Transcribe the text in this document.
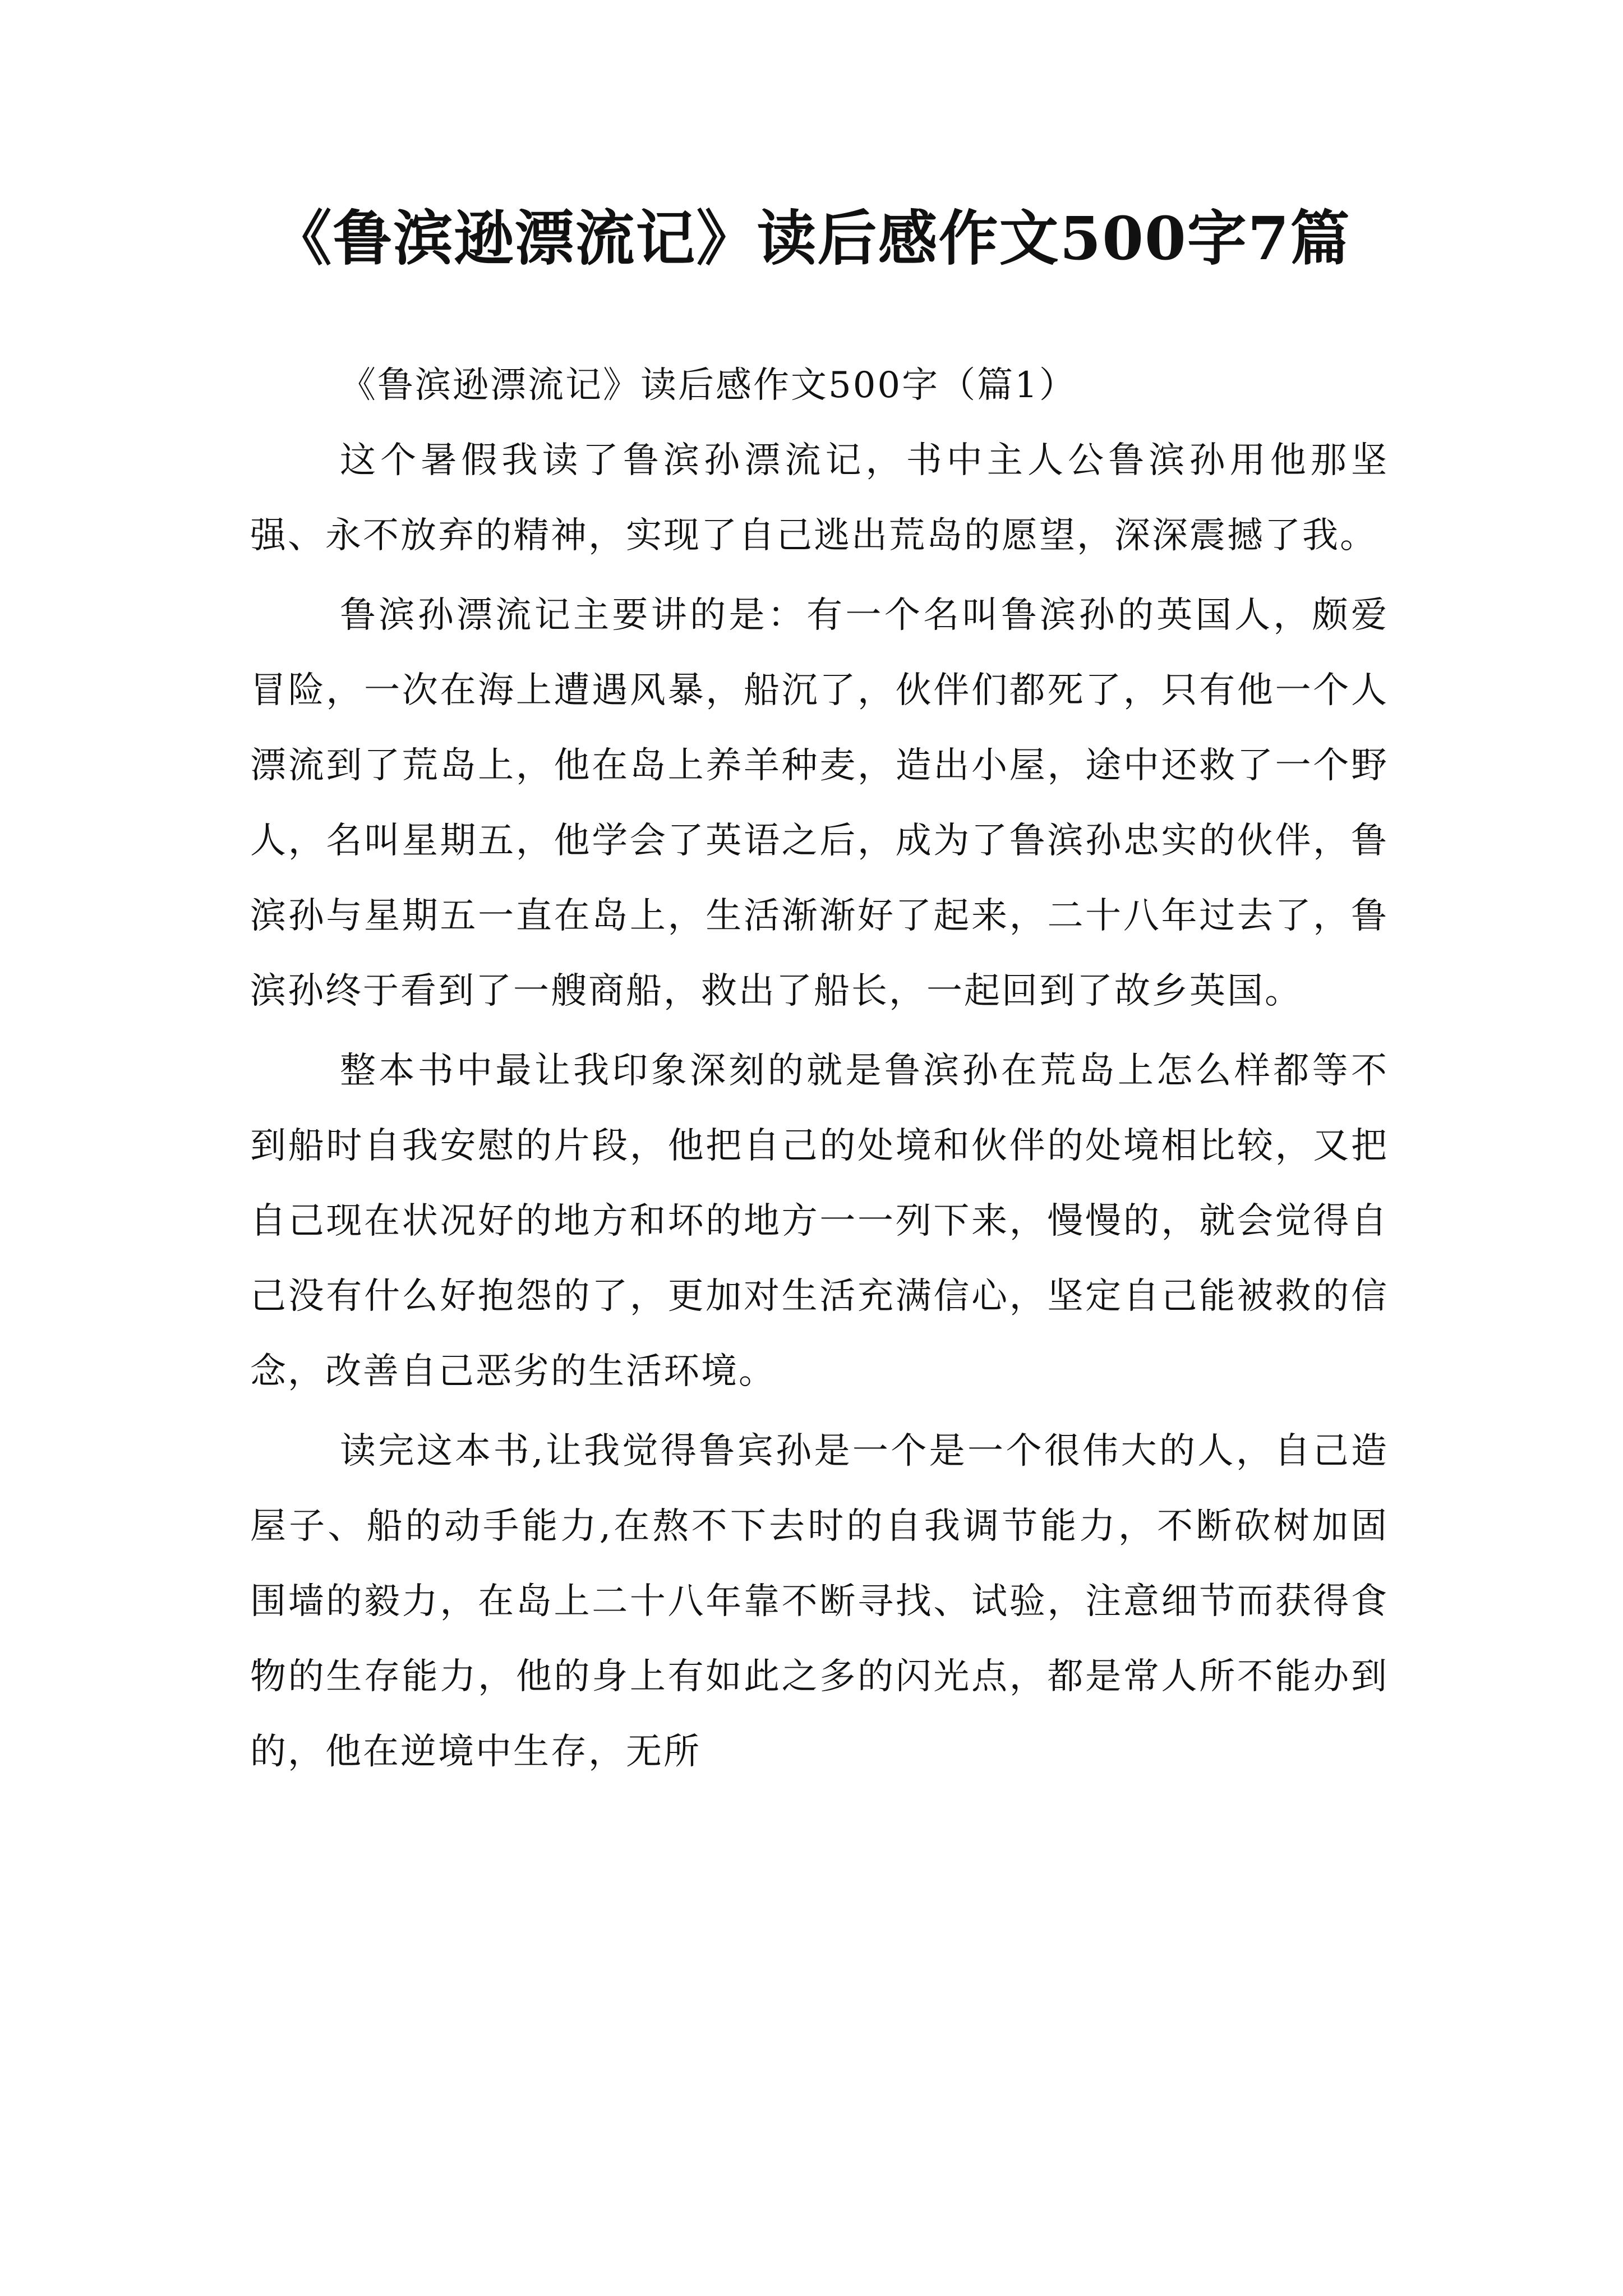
《鲁滨逊漂流记》读后感作文500字7篇
《鲁滨逊漂流记》读后感作文500字（篇1）

这个暑假我读了鲁滨孙漂流记，书中主人公鲁滨孙用他那坚强、永不放弃的精神，实现了自己逃出荒岛的愿望，深深震撼了我。

鲁滨孙漂流记主要讲的是：有一个名叫鲁滨孙的英国人，颇爱冒险，一次在海上遭遇风暴，船沉了，伙伴们都死了，只有他一个人漂流到了荒岛上，他在岛上养羊种麦，造出小屋，途中还救了一个野人，名叫星期五，他学会了英语之后，成为了鲁滨孙忠实的伙伴，鲁滨孙与星期五一直在岛上，生活渐渐好了起来，二十八年过去了，鲁滨孙终于看到了一艘商船，救出了船长，一起回到了故乡英国。

整本书中最让我印象深刻的就是鲁滨孙在荒岛上怎么样都等不到船时自我安慰的片段，他把自己的处境和伙伴的处境相比较，又把自己现在状况好的地方和坏的地方一一列下来，慢慢的，就会觉得自己没有什么好抱怨的了，更加对生活充满信心，坚定自己能被救的信念，改善自己恶劣的生活环境。

读完这本书,让我觉得鲁宾孙是一个是一个很伟大的人，自己造屋子、船的动手能力,在熬不下去时的自我调节能力，不断砍树加固围墙的毅力，在岛上二十八年靠不断寻找、试验，注意细节而获得食物的生存能力，他的身上有如此之多的闪光点，都是常人所不能办到的，他在逆境中生存，无所
